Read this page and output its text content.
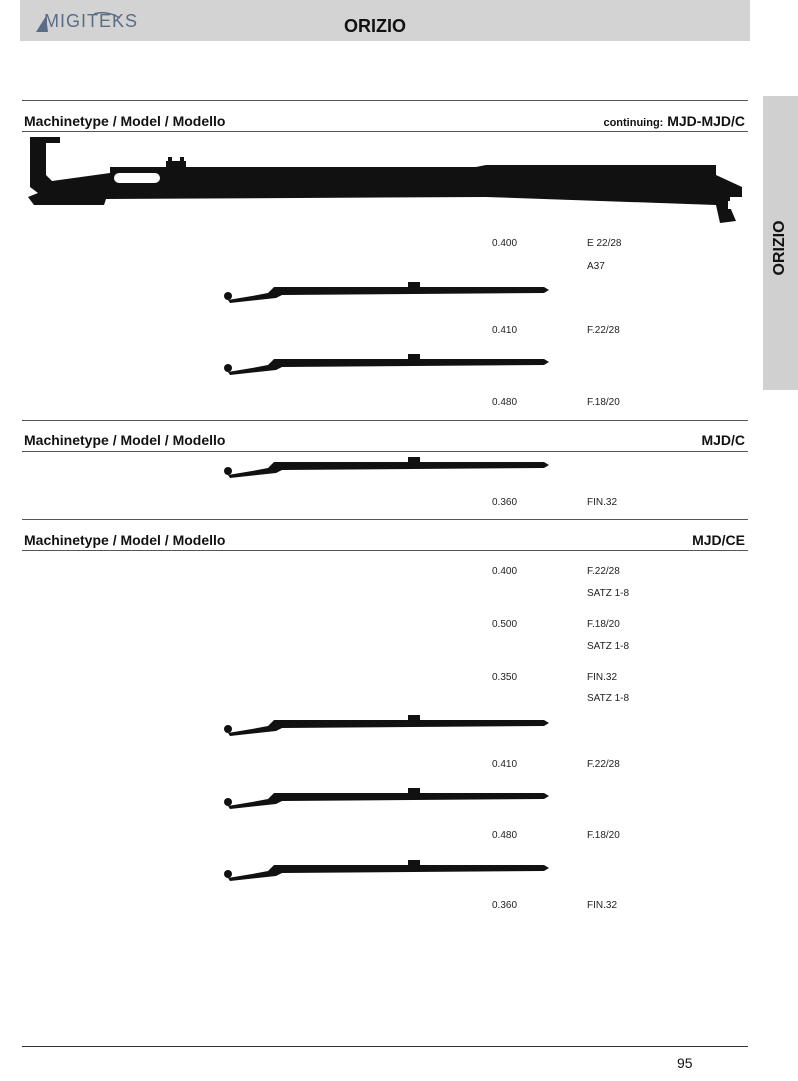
MIGITEKS	ORIZIO
ORIZIO
Machinetype / Model / Modello	continuing: MJD-MJD/C
0.400	E 22/28
A37
0.410	F.22/28
0.480	F.18/20
Machinetype / Model / Modello	MJD/C
0.360	FIN.32
Machinetype / Model / Modello	MJD/CE
0.400	F.22/28
SATZ 1-8
0.500	F.18/20
SATZ 1-8
0.350	FIN.32
SATZ 1-8
0.410	F.22/28
0.480	F.18/20
0.360	FIN.32
95
